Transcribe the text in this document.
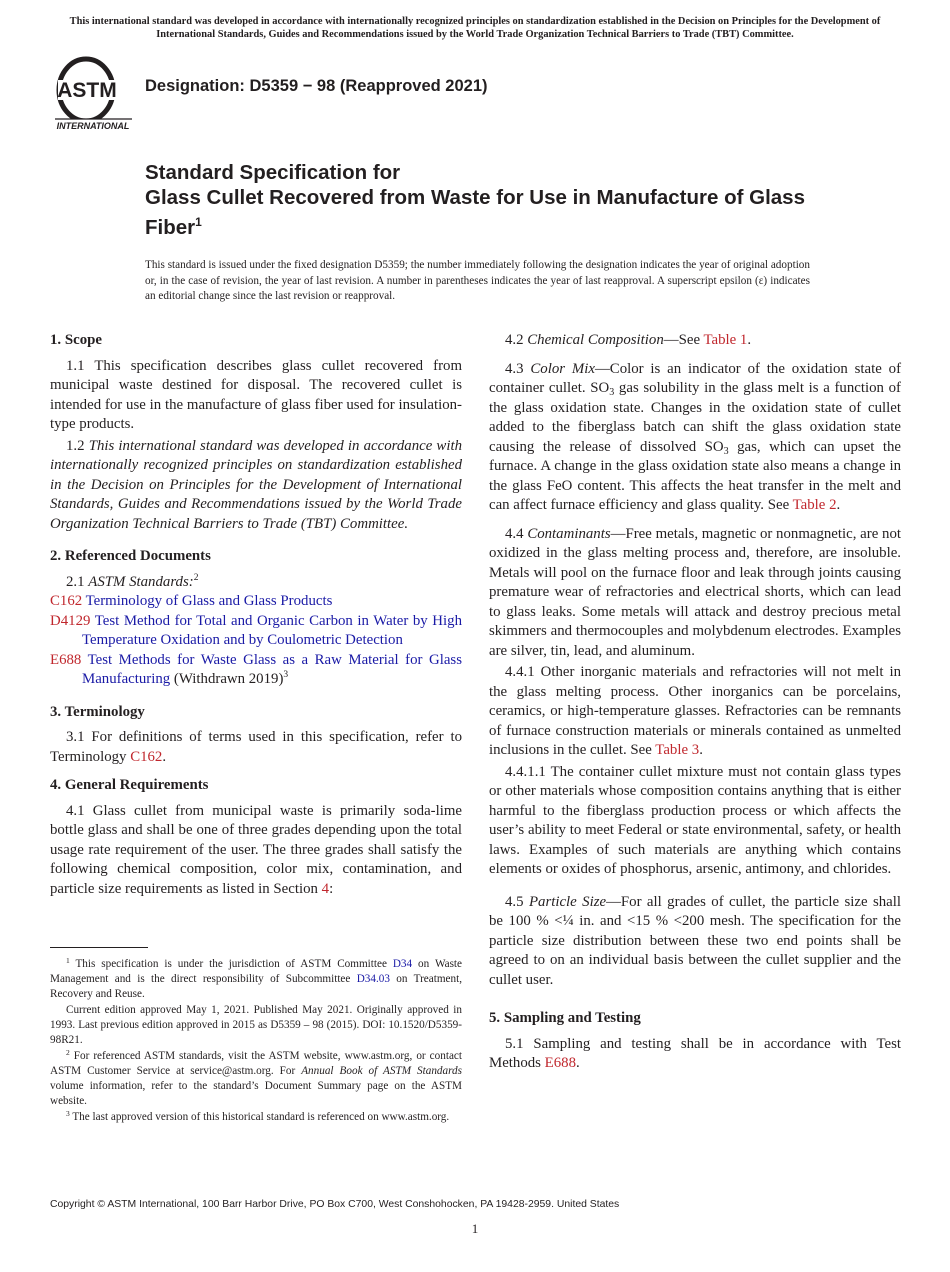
This international standard was developed in accordance with internationally recognized principles on standardization established in the Decision on Principles for the Development of International Standards, Guides and Recommendations issued by the World Trade Organization Technical Barriers to Trade (TBT) Committee.
ASTM
INTERNATIONAL
Designation: D5359 − 98 (Reapproved 2021)
Standard Specification for
Glass Cullet Recovered from Waste for Use in Manufacture of Glass Fiber$^1$
This standard is issued under the fixed designation D5359; the number immediately following the designation indicates the year of original adoption or, in the case of revision, the year of last revision. A number in parentheses indicates the year of last reapproval. A superscript epsilon (ε) indicates an editorial change since the last revision or reapproval.
1. Scope

1.1 This specification describes glass cullet recovered from municipal waste destined for disposal. The recovered cullet is intended for use in the manufacture of glass fiber used for insulation-type products.

1.2 This international standard was developed in accordance with internationally recognized principles on standardization established in the Decision on Principles for the Development of International Standards, Guides and Recommendations issued by the World Trade Organization Technical Barriers to Trade (TBT) Committee.

2. Referenced Documents

2.1 ASTM Standards:$^2$

C162 Terminology of Glass and Glass Products
D4129 Test Method for Total and Organic Carbon in Water by High Temperature Oxidation and by Coulometric Detection
E688 Test Methods for Waste Glass as a Raw Material for Glass Manufacturing (Withdrawn 2019)$^3$
3. Terminology

3.1 For definitions of terms used in this specification, refer to Terminology C162.

4. General Requirements

4.1 Glass cullet from municipal waste is primarily soda-lime bottle glass and shall be one of three grades depending upon the total usage rate requirement of the user. The three grades shall satisfy the following chemical composition, color mix, contamination, and particle size requirements as listed in Section 4:

$^1$ This specification is under the jurisdiction of ASTM Committee D34 on Waste Management and is the direct responsibility of Subcommittee D34.03 on Treatment, Recovery and Reuse.

Current edition approved May 1, 2021. Published May 2021. Originally approved in 1993. Last previous edition approved in 2015 as D5359 – 98 (2015). DOI: 10.1520/D5359-98R21.

$^2$ For referenced ASTM standards, visit the ASTM website, www.astm.org, or contact ASTM Customer Service at service@astm.org. For Annual Book of ASTM Standards volume information, refer to the standard’s Document Summary page on the ASTM website.

$^3$ The last approved version of this historical standard is referenced on www.astm.org.

4.2 Chemical Composition—See Table 1.

4.3 Color Mix—Color is an indicator of the oxidation state of container cullet. $SO_3$ gas solubility in the glass melt is a function of the glass oxidation state. Changes in the oxidation state of cullet added to the fiberglass batch can shift the glass oxidation state causing the release of dissolved $SO_3$ gas, which can upset the furnace. A change in the glass oxidation state also means a change in the glass FeO content. This affects the heat transfer in the melt and can affect furnace efficiency and glass quality. See Table 2.

4.4 Contaminants—Free metals, magnetic or nonmagnetic, are not oxidized in the glass melting process and, therefore, are insoluble. Metals will pool on the furnace floor and leak through joints causing premature wear of refractories and electrical shorts, which can lead to glass leaks. Some metals will attack and destroy precious metal skimmers and thermocouples and molybdenum electrodes. Examples are silver, tin, lead, and aluminum.

4.4.1 Other inorganic materials and refractories will not melt in the glass melting process. Other inorganics can be porcelains, ceramics, or high-temperature glasses. Refractories can be remnants of furnace construction materials or minerals contained as unmelted inclusions in the cullet. See Table 3.

4.4.1.1 The container cullet mixture must not contain glass types or other materials whose composition contains anything that is either harmful to the fiberglass production process or which affects the user’s ability to meet Federal or state environmental, safety, or health laws. Examples of such materials are anything which contains elements or oxides of phosphorus, arsenic, antimony, and chlorides.

4.5 Particle Size—For all grades of cullet, the particle size shall be 100 % <¼ in. and <15 % <200 mesh. The specification for the particle size distribution between these two end points shall be agreed to on an individual basis between the cullet supplier and the cullet user.

5. Sampling and Testing

5.1 Sampling and testing shall be in accordance with Test Methods E688.

Copyright © ASTM International, 100 Barr Harbor Drive, PO Box C700, West Conshohocken, PA 19428-2959. United States
1
